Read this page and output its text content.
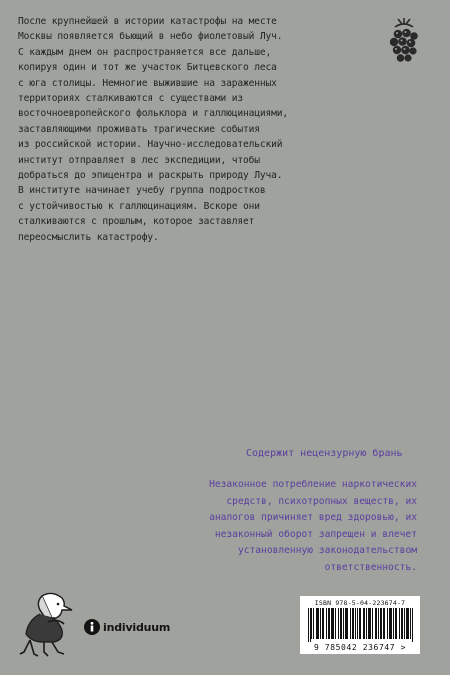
После крупнейшей в истории катастрофы на месте
Москвы появляется бьющий в небо фиолетовый Луч.
С каждым днем он распространяется все дальше,
копируя один и тот же участок Битцевского леса
с юга столицы. Немногие выжившие на зараженных
территориях сталкиваются с существами из
восточноевропейского фольклора и галлюцинациями,
заставляющими проживать трагические события
из российской истории. Научно-исследовательский
институт отправляет в лес экспедиции, чтобы
добраться до эпицентра и раскрыть природу Луча.
В институте начинает учебу группа подростков
с устойчивостью к галлюцинациям. Вскоре они
сталкиваются с прошлым, которое заставляет
переосмыслить катастрофу.
Содержит нецензурную брань
Незаконное потребление наркотических
средств, психотропных веществ, их
аналогов причиняет вред здоровью, их
незаконный оборот запрещен и влечет
установленную законодательством
ответственность.
individuum
ISBN 978-5-04-223674-7
9 785042 236747 >
